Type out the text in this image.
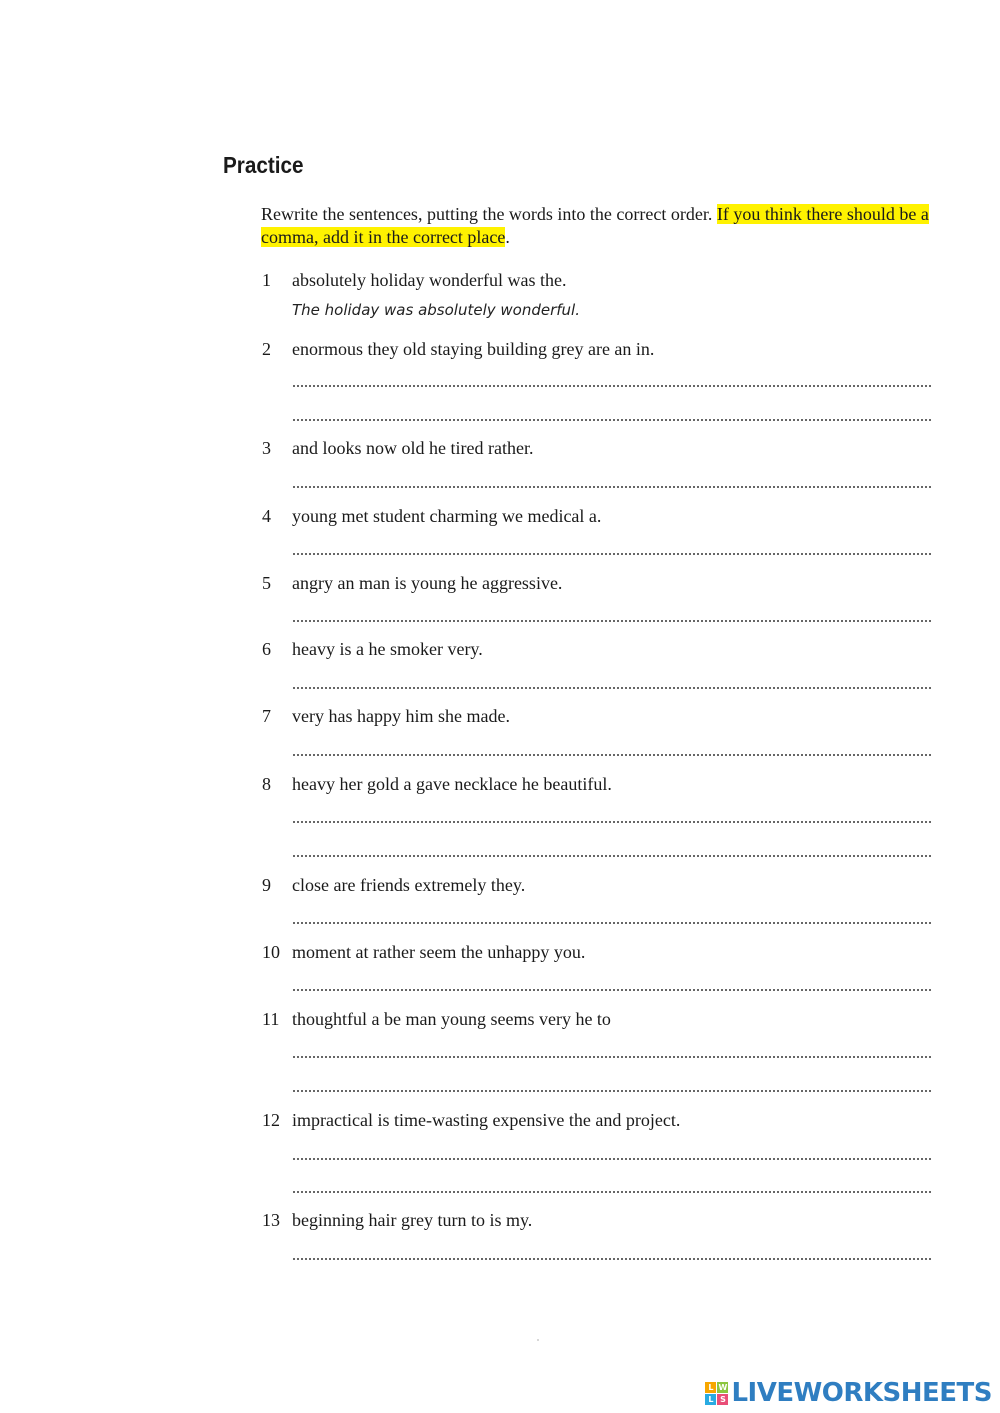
Practice
Rewrite the sentences, putting the words into the correct order. If you think there should be a comma, add it in the correct place.
1 absolutely holiday wonderful was the.
The holiday was absolutely wonderful.
2 enormous they old staying building grey are an in.
3 and looks now old he tired rather.
4 young met student charming we medical a.
5 angry an man is young he aggressive.
6 heavy is a he smoker very.
7 very has happy him she made.
8 heavy her gold a gave necklace he beautiful.
9 close are friends extremely they.
10 moment at rather seem the unhappy you.
11 thoughtful a be man young seems very he to
12 impractical is time-wasting expensive the and project.
13 beginning hair grey turn to is my.
L W
L S LIVEWORKSHEETS
